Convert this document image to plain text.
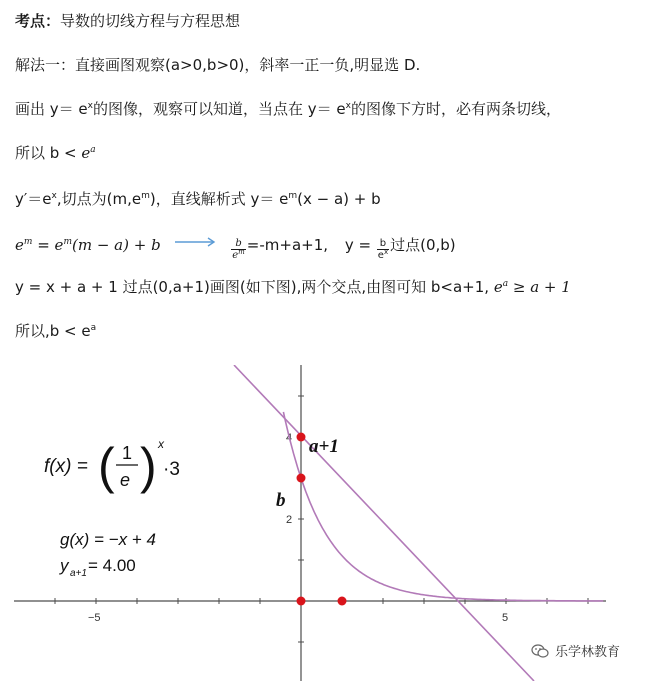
考点：导数的切线方程与方程思想
解法一：直接画图观察(a>0,b>0)，斜率一正一负,明显选 D.
画出 $y= e^x$的图像，观察可以知道，当点在 $y= e^x$的图像下方时，必有两条切线，
所以 $b < e^a$
$y'=e^x$,切点为$(m,e^m)$，直线解析式 $y= e^m(x - a) + b$
$e^m = e^m(m - a) + b$	$\frac{b}{e^m} =-m+a+1$, $y = \frac{b}{e^x}$ 过点(0,b)
y = x + a + 1 过点(0,a+1)画图(如下图),两个交点,由图可知 b<a+1, $e^a \ge a + 1$
所以$,b < e^a$
−5	5
4
2
a+1
b
f(x) = ( 1
e ) x
·3
g(x) = −x + 4
y a+1 = 4.00
乐学林教育
